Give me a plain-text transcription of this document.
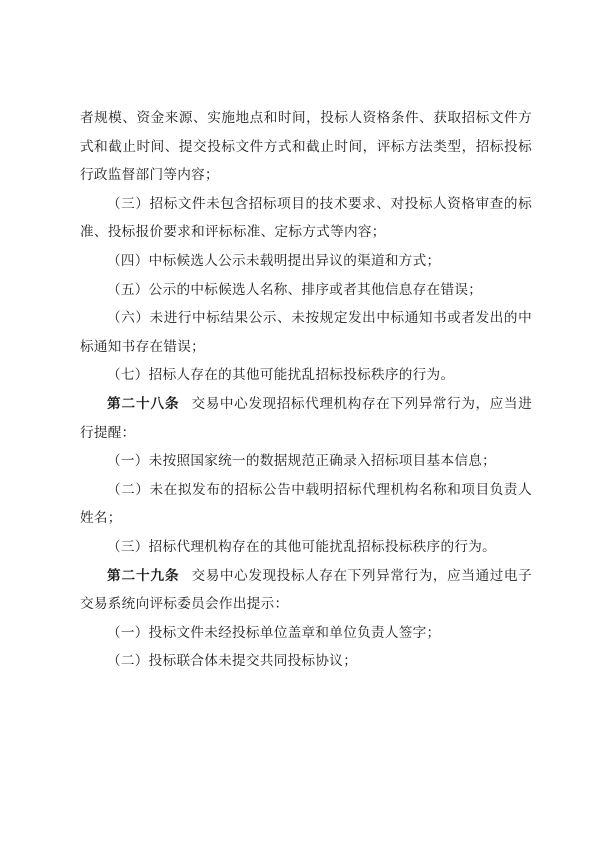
者规模、资金来源、实施地点和时间，投标人资格条件、获取招标文件方式和截止时间、提交投标文件方式和截止时间，评标方法类型，招标投标行政监督部门等内容；

（三）招标文件未包含招标项目的技术要求、对投标人资格审查的标准、投标报价要求和评标标准、定标方式等内容；

（四）中标候选人公示未载明提出异议的渠道和方式；

（五）公示的中标候选人名称、排序或者其他信息存在错误；

（六）未进行中标结果公示、未按规定发出中标通知书或者发出的中标通知书存在错误；

（七）招标人存在的其他可能扰乱招标投标秩序的行为。

第二十八条 交易中心发现招标代理机构存在下列异常行为，应当进行提醒：

（一）未按照国家统一的数据规范正确录入招标项目基本信息；

（二）未在拟发布的招标公告中载明招标代理机构名称和项目负责人姓名；

（三）招标代理机构存在的其他可能扰乱招标投标秩序的行为。

第二十九条 交易中心发现投标人存在下列异常行为，应当通过电子交易系统向评标委员会作出提示：

（一）投标文件未经投标单位盖章和单位负责人签字；

（二）投标联合体未提交共同投标协议；
